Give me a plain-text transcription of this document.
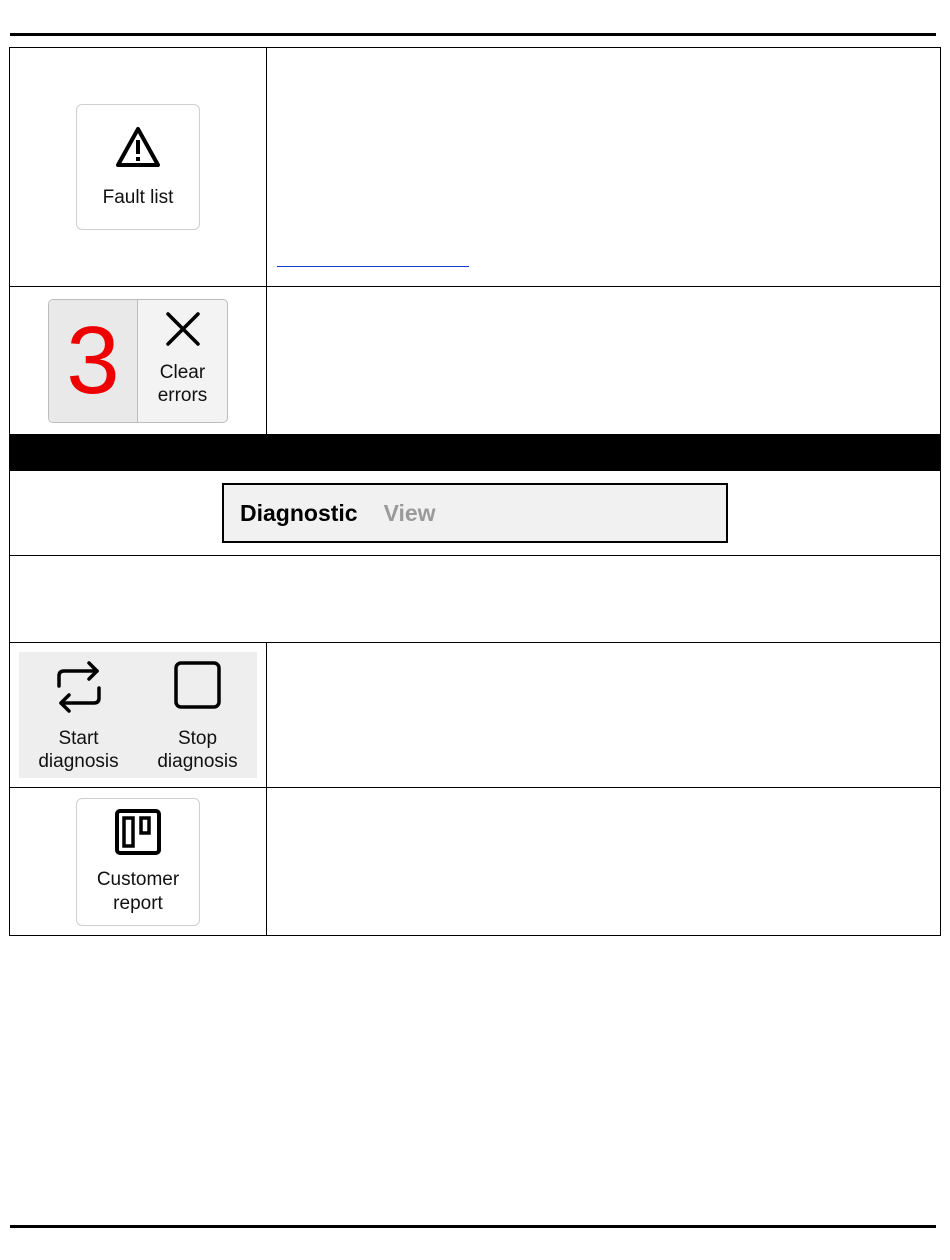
Fault list	

3 Clear
errors	

Diagnostic View	

Start
diagnosis
Stop
diagnosis	

Customer
report	
